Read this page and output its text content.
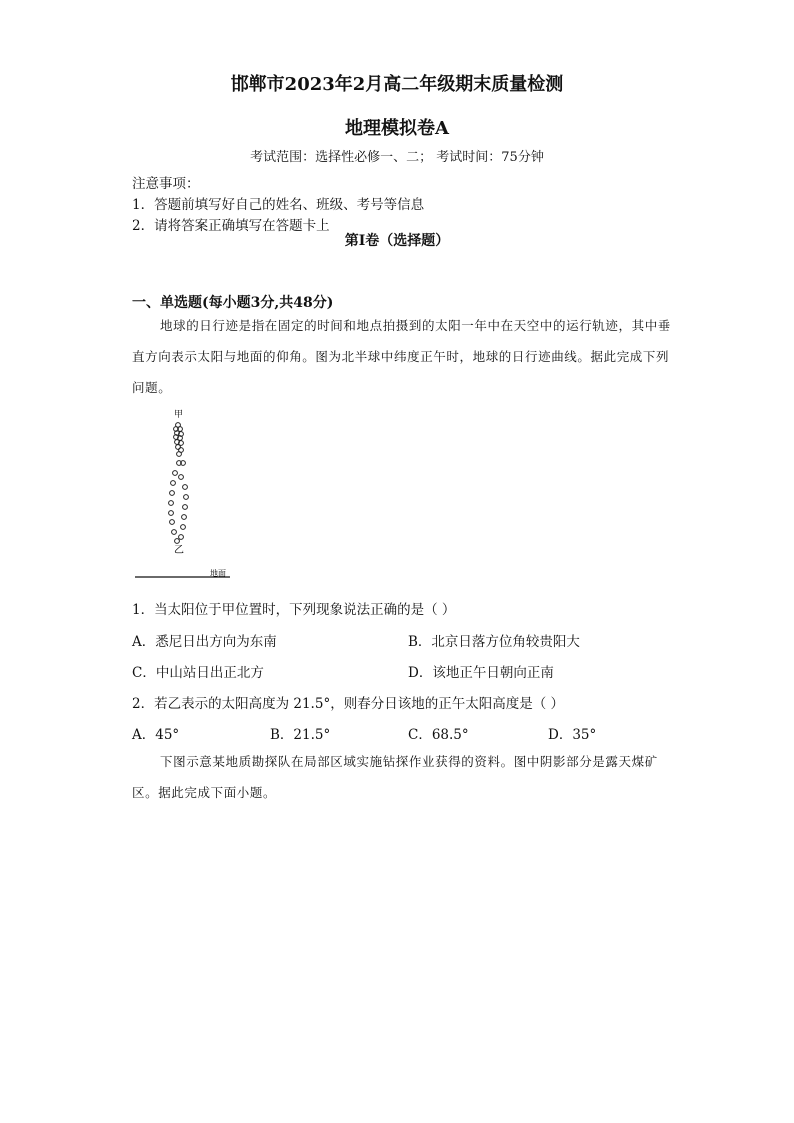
邯郸市2023年2月高二年级期末质量检测
地理模拟卷A
考试范围：选择性必修一、二； 考试时间：75分钟
注意事项：
1．答题前填写好自己的姓名、班级、考号等信息
2．请将答案正确填写在答题卡上
第I卷（选择题）
一、单选题(每小题3分,共48分)
地球的日行迹是指在固定的时间和地点拍摄到的太阳一年中在天空中的运行轨迹，其中垂直方向表示太阳与地面的仰角。图为北半球中纬度正午时，地球的日行迹曲线。据此完成下列问题。
甲
乙
地面
1．当太阳位于甲位置时，下列现象说法正确的是（ ）
A．悉尼日出方向为东南	B．北京日落方位角较贵阳大
C．中山站日出正北方	D．该地正午日朝向正南
2．若乙表示的太阳高度为 21.5°，则春分日该地的正午太阳高度是（ ）
A．45°	B．21.5°	C．68.5°	D．35°
下图示意某地质勘探队在局部区域实施钻探作业获得的资料。图中阴影部分是露天煤矿区。据此完成下面小题。
